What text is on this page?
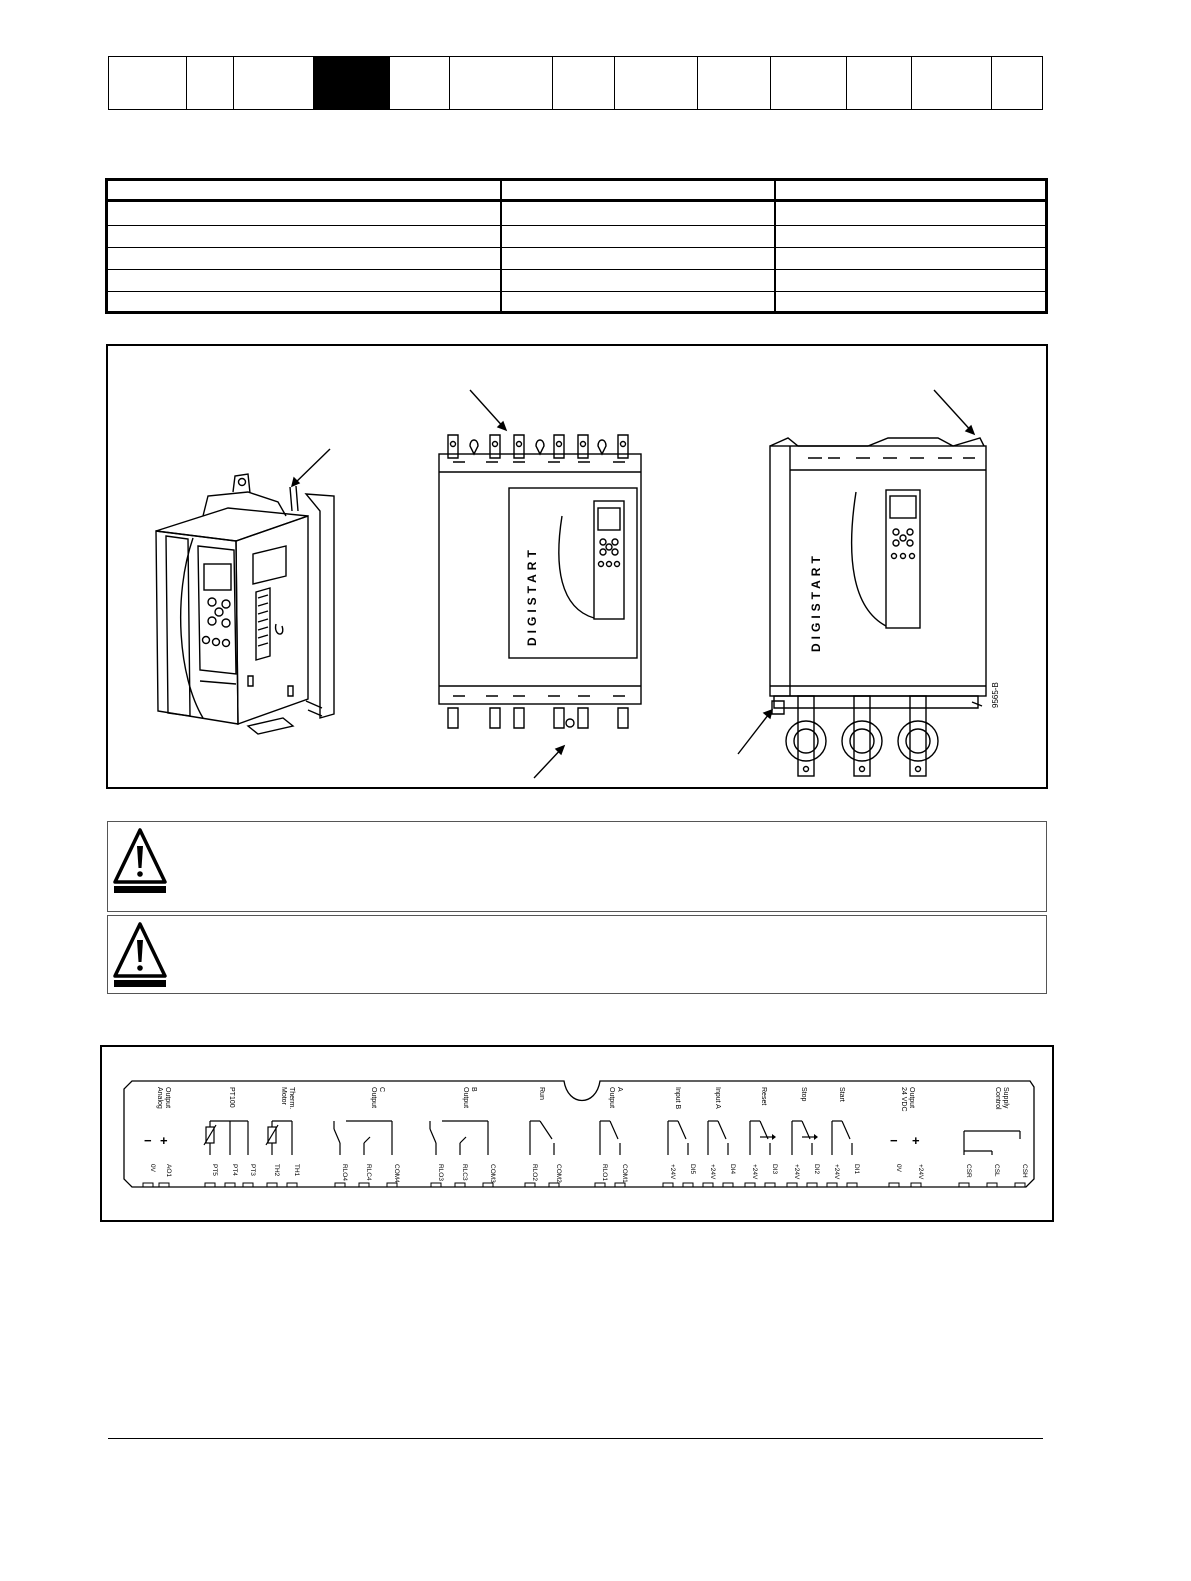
DIGISTART	DIGISTART
9565-B
AnalogOutput
0V AO1
− +
PT100
PT5 PT4 PT3
MotorTherm.
TH2 TH1
OutputC
RLO4	RLC4	COM4
OutputB
RLO3	RLC3	COM3
Run
RLO2	COM2
OutputA
RLO1 COM1
Input B
+24V DI5
Input A
+24V DI4
Reset
+24V DI3
Stop
+24V DI2
Start
+24V DI1
24 VDCOutput
0V +24V
− +
ControlSupply
CSR	CSL	CSH
